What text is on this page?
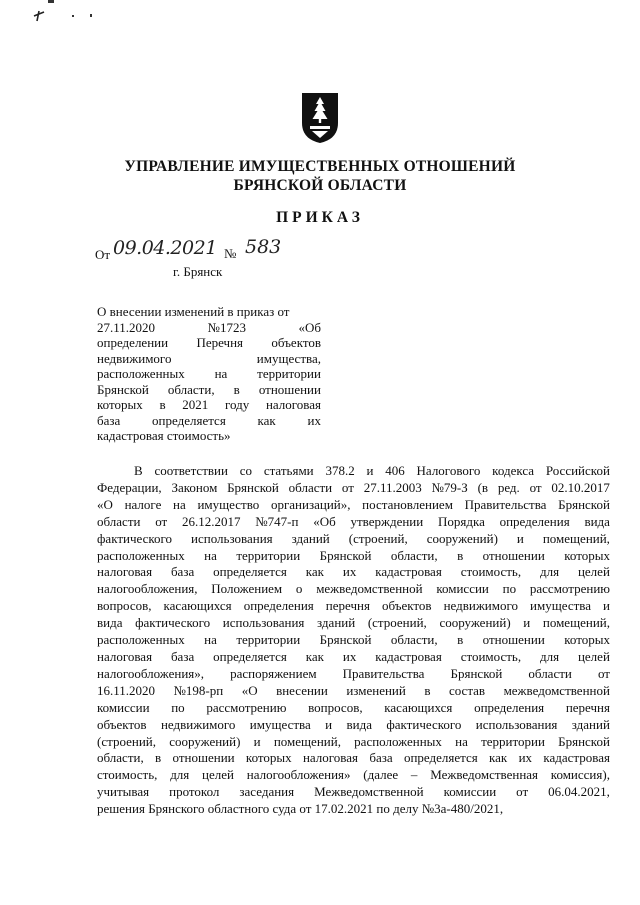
УПРАВЛЕНИЕ ИМУЩЕСТВЕННЫХ ОТНОШЕНИЙ
БРЯНСКОЙ ОБЛАСТИ
ПРИКАЗ
От 09.04.2021 № 583
г. Брянск
О внесении изменений в приказ от
27.11.2020	№1723	«Об
определении Перечня объектов
недвижимого	имущества,
расположенных на территории
Брянской области, в отношении
которых в 2021 году налоговая
база определяется как их
кадастровая стоимость»
В соответствии со статьями 378.2 и 406 Налогового кодекса Российской
Федерации, Законом Брянской области от 27.11.2003 №79-З (в ред. от 02.10.2017
«О налоге на имущество организаций», постановлением Правительства Брянской
области от 26.12.2017 №747-п «Об утверждении Порядка определения вида
фактического использования зданий (строений, сооружений) и помещений,
расположенных на территории Брянской области, в отношении которых
налоговая база определяется как их кадастровая стоимость, для целей
налогообложения, Положением о межведомственной комиссии по рассмотрению
вопросов, касающихся определения перечня объектов недвижимого имущества и
вида фактического использования зданий (строений, сооружений) и помещений,
расположенных на территории Брянской области, в отношении которых
налоговая база определяется как их кадастровая стоимость, для целей
налогообложения», распоряжением Правительства Брянской области от
16.11.2020 №198-рп «О внесении изменений в состав межведомственной
комиссии по рассмотрению вопросов, касающихся определения перечня
объектов недвижимого имущества и вида фактического использования зданий
(строений, сооружений) и помещений, расположенных на территории Брянской
области, в отношении которых налоговая база определяется как их кадастровая
стоимость, для целей налогообложения» (далее – Межведомственная комиссия),
учитывая протокол заседания Межведомственной комиссии от 06.04.2021,
решения Брянского областного суда от 17.02.2021 по делу №3а-480/2021,
